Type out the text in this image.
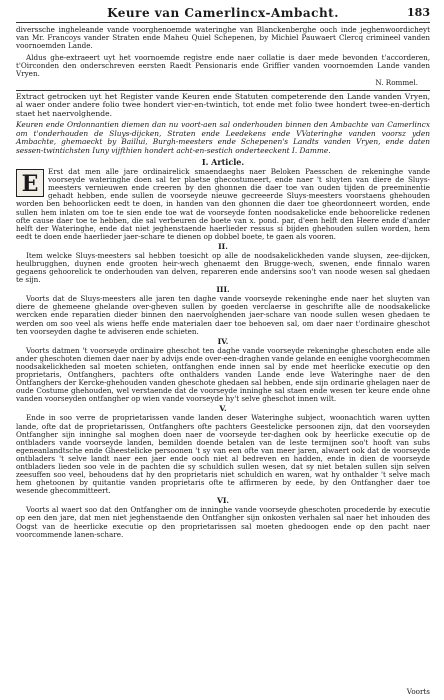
Keure van Camerlincx-Ambacht.	183

diverssche ingheleande vande voorghenoemde wateringhe van Blanckenberghe ooch inde jeghenwoordicheyt van Mr. Francoys vander Straten ende Maheu Quiel Schepenen, by Michiel Pauwaert Clercq crimineel vanden voornoemden Lande.

Aldus ghe-extraeert uyt het voornoemde registre ende naer collatie is daer mede bevonden t'accorderen, t'Oirconden den onderschreven eersten Raedt Pensionaris ende Griffier vanden voornoemden Lande vanden Vryen.

N. Rommel.

Extract getrocken uyt het Register vande Keuren ende Statuten competerende den Lande vanden Vryen, al waer onder andere folio twee hondert vier-en-twintich, tot ende met folio twee hondert twee-en-dertich staet het naervolghende.

Keuren ende Ordonnantien diemen dan nu voort-aen sal onderhouden binnen den Ambachte van Camerlincx om t'onderhouden de Sluys-dijcken, Straten ende Leedekens ende VVateringhe vanden voorsz yden Ambachte, ghemaeckt by Baillui, Burgh-meesters ende Schepenen's Landts vanden Vryen, ende daten sessen-twintichsten Iuny vijfthien hondert acht-en-sestich onderteeckent I. Damme.

I. Article.
E	Erst dat men alle jare ordinairelick smaendaeghs naer Beloken Paesschen de rekeninghe vande voorseyde wateringhe doen sal ter plaetse ghecostumeert, ende naer 't sluyten van diere de Sluys-meesters vernieuwen ende creeren by den ghonnen die daer toe van ouden tijden de preeminentie gehadt hebben, ende sullen de voorseyde nieuwe gecreeerde Sluys-meesters voorstaens ghehouden worden ben behoorlicken eedt te doen, in handen van den ghonnen die daer toe gheordonneert worden, ende sullen hem inlaten om toe te sien ende toe wat de voorseyde fonten noodsakelicke ende behoorelicke redenen ofte cause daer toe te hebben, die sal verbeuren de boete van x. pond. par, d'een helft den Heere ende d'ander helft der Wateringhe, ende dat niet jeghenstaende haerlieder ressus si bijden ghehouden sullen worden, hem eedt te doen ende haerlieder jaer-schare te dienen op dobbel boete, te gaen als vooren.

II.

Item welcke Sluys-meesters sal hebben toesicht op alle de noodsakelickheden vande sluysen, zee-dijcken, heulbrugghen, duynen ende grooten heir-wech ghenaemt den Brugge-wech, swenen, ende finnalo waren gegaens gehoorelick te onderhouden van delven, repareren ende andersins soo't van noode wesen sal ghedaen te sijn.

III.

Voorts dat de Sluys-meesters alle jaren ten daghe vande voorseyde rekeninghe ende naer het sluyten van diere de ghemeene ghelande over-gheven sullen by goeden verclaerse in geschrifte alle de noodsakelicke wercken ende reparatien dieder binnen den naervolghenden jaer-schare van noode sullen wesen ghedaen te werden om soo veel als wiens heffe ende materialen daer toe behoeven sal, om daer naer t'ordinaire gheschot ten voorseyden daghe te adviseren ende schieten.

IV.

Voorts datmen 't voorseyde ordinaire gheschot ten daghe vande voorseyde rekeninghe gheschoten ende alle ander gheschoten diemen daer naer by advijs ende over-een-draghen vande gelande en eenighe voorghecommen noodsakelickheden sal moeten schieten, ontfanghen ende innen sal by ende met heerlicke executie op den proprietaris, Ontfanghers, pachters ofte onthalders vanden Lande ende leve Wateringhe naer de den Ontfanghers der Kercke-ghehouden vanden gheschote ghedaen sal hebben, ende sijn ordinarie ghelagen naer de oude Costume ghehouden, wel verstaende dat de voorseyde inninghe sal staen ende wesen ter keure ende ohne vanden voorseyden ontfangher op wien vande voorseyde hy't selve gheschot innen wilt.

V.

Ende in soo verre de proprietarissen vande landen deser Wateringhe subject, woonachtich waren uytten lande, ofte dat de proprietarissen, Ontfanghers ofte pachters Geestelicke persoonen zijn, dat den voorseyden Ontfangher sijn inninghe sal moghen doen naer de voorseyde ter-daghen ook by heerlicke executie op de ontbladers vande voorseyde landen, bemilden doende betalen van de leste termijnen soo't hooft van subs egeneanlandtsche ende Gheestelicke persoonen 't sy van een ofte van meer jaren, alwaert ook dat de voorseyde ontbladers 't selve landt naer een jaer ende ooch niet al bedreven en hadden, ende in dien de voorseyde ontbladers lieden soo vele in de pachten die sy schuldich sullen wesen, dat sy niet betalen sullen sijn selven zeesuffen soo veel, behoudens dat hy den proprietaris niet schuldich en waren, wat hy onthalder 't selve mach hem ghetoonen by quitantie vanden proprietaris ofte te affirmeren by eede, by den Ontfangher daer toe wesende ghecommitteert.

VI.

Voorts al waert soo dat den Ontfangher om de inninghe vande voorseyde gheschoten procederde by executie op een den jare, dat men niet jeghenstaende den Ontfangher sijn onkosten verhalen sal naer het inhouden des Oogst van de heerlicke executie op den proprietarissen sal moeten ghedoogen ende op den pacht naer voorcommende lanen-schare.

Voorts
